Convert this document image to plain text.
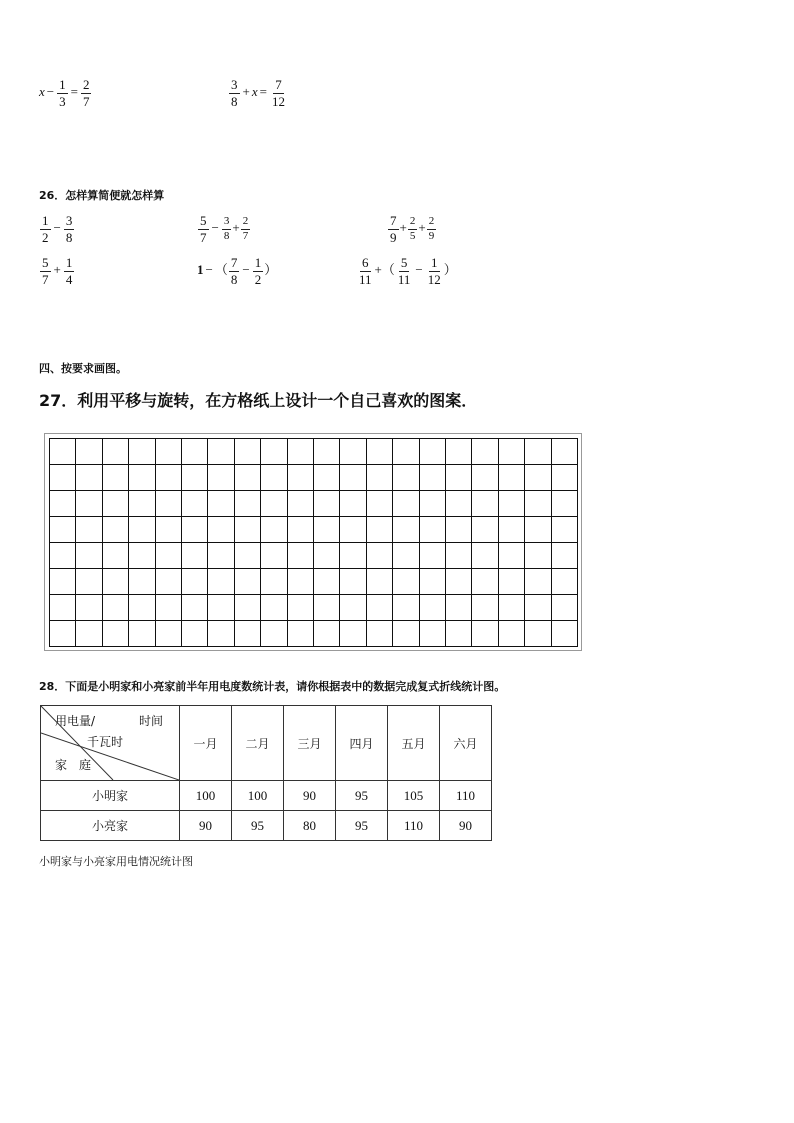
$x - \frac{1}{3} = \frac{2}{7}$	$\frac{3}{8} + x = \frac{7}{12}$
26．怎样算简便就怎样算
$\frac{1}{2} - \frac{3}{8}$	$\frac{5}{7} - \frac{3}{8} + \frac{2}{7}$	$\frac{7}{9} + \frac{2}{5} + \frac{2}{9}$
$\frac{5}{7} + \frac{1}{4}$	1 − （ $\frac{7}{8} - \frac{1}{2}$ ）	$\frac{6}{11}$ +（ $\frac{5}{11} - \frac{1}{12}$ ）
四、按要求画图。
27．利用平移与旋转，在方格纸上设计一个自己喜欢的图案．
28．下面是小明家和小亮家前半年用电度数统计表，请你根据表中的数据完成复式折线统计图。
用电量/ 时间
千瓦时
家　庭	一月	二月	三月	四月	五月	六月
小明家	100	100	90	95	105	110
小亮家	90	95	80	95	110	90
小明家与小亮家用电情况统计图
